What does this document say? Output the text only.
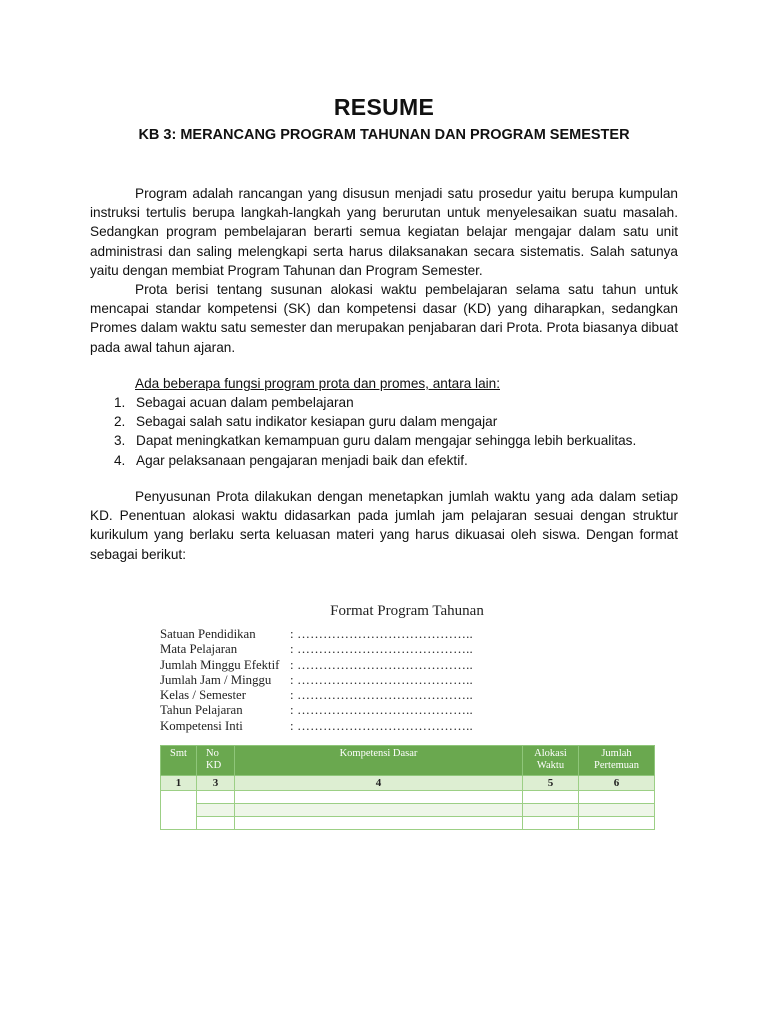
RESUME
KB 3: MERANCANG PROGRAM TAHUNAN DAN PROGRAM SEMESTER

Program adalah rancangan yang disusun menjadi satu prosedur yaitu berupa kumpulan instruksi tertulis berupa langkah-langkah yang berurutan untuk menyelesaikan suatu masalah. Sedangkan program pembelajaran berarti semua kegiatan belajar mengajar dalam satu unit administrasi dan saling melengkapi serta harus dilaksanakan secara sistematis. Salah satunya yaitu dengan membiat Program Tahunan dan Program Semester.

Prota berisi tentang susunan alokasi waktu pembelajaran selama satu tahun untuk mencapai standar kompetensi (SK) dan kompetensi dasar (KD) yang diharapkan, sedangkan Promes dalam waktu satu semester dan merupakan penjabaran dari Prota. Prota biasanya dibuat pada awal tahun ajaran.

Ada beberapa fungsi program prota dan promes, antara lain:

1. Sebagai acuan dalam pembelajaran
2. Sebagai salah satu indikator kesiapan guru dalam mengajar
3. Dapat meningkatkan kemampuan guru dalam mengajar sehingga lebih berkualitas.
4. Agar pelaksanaan pengajaran menjadi baik dan efektif.

Penyusunan Prota dilakukan dengan menetapkan jumlah waktu yang ada dalam setiap KD. Penentuan alokasi waktu didasarkan pada jumlah jam pelajaran sesuai dengan struktur kurikulum yang berlaku serta keluasan materi yang harus dikuasai oleh siswa. Dengan format sebagai berikut:

Format Program Tahunan
Satuan Pendidikan	: …………………………………..
Mata Pelajaran	: …………………………………..
Jumlah Minggu Efektif : …………………………………..
Jumlah Jam / Minggu : …………………………………..
Kelas / Semester	: …………………………………..
Tahun Pelajaran	: …………………………………..
Kompetensi Inti	: …………………………………..
Smt	No KD	Kompetensi Dasar	Alokasi Waktu	Jumlah Pertemuan
1	3	4	5	6
